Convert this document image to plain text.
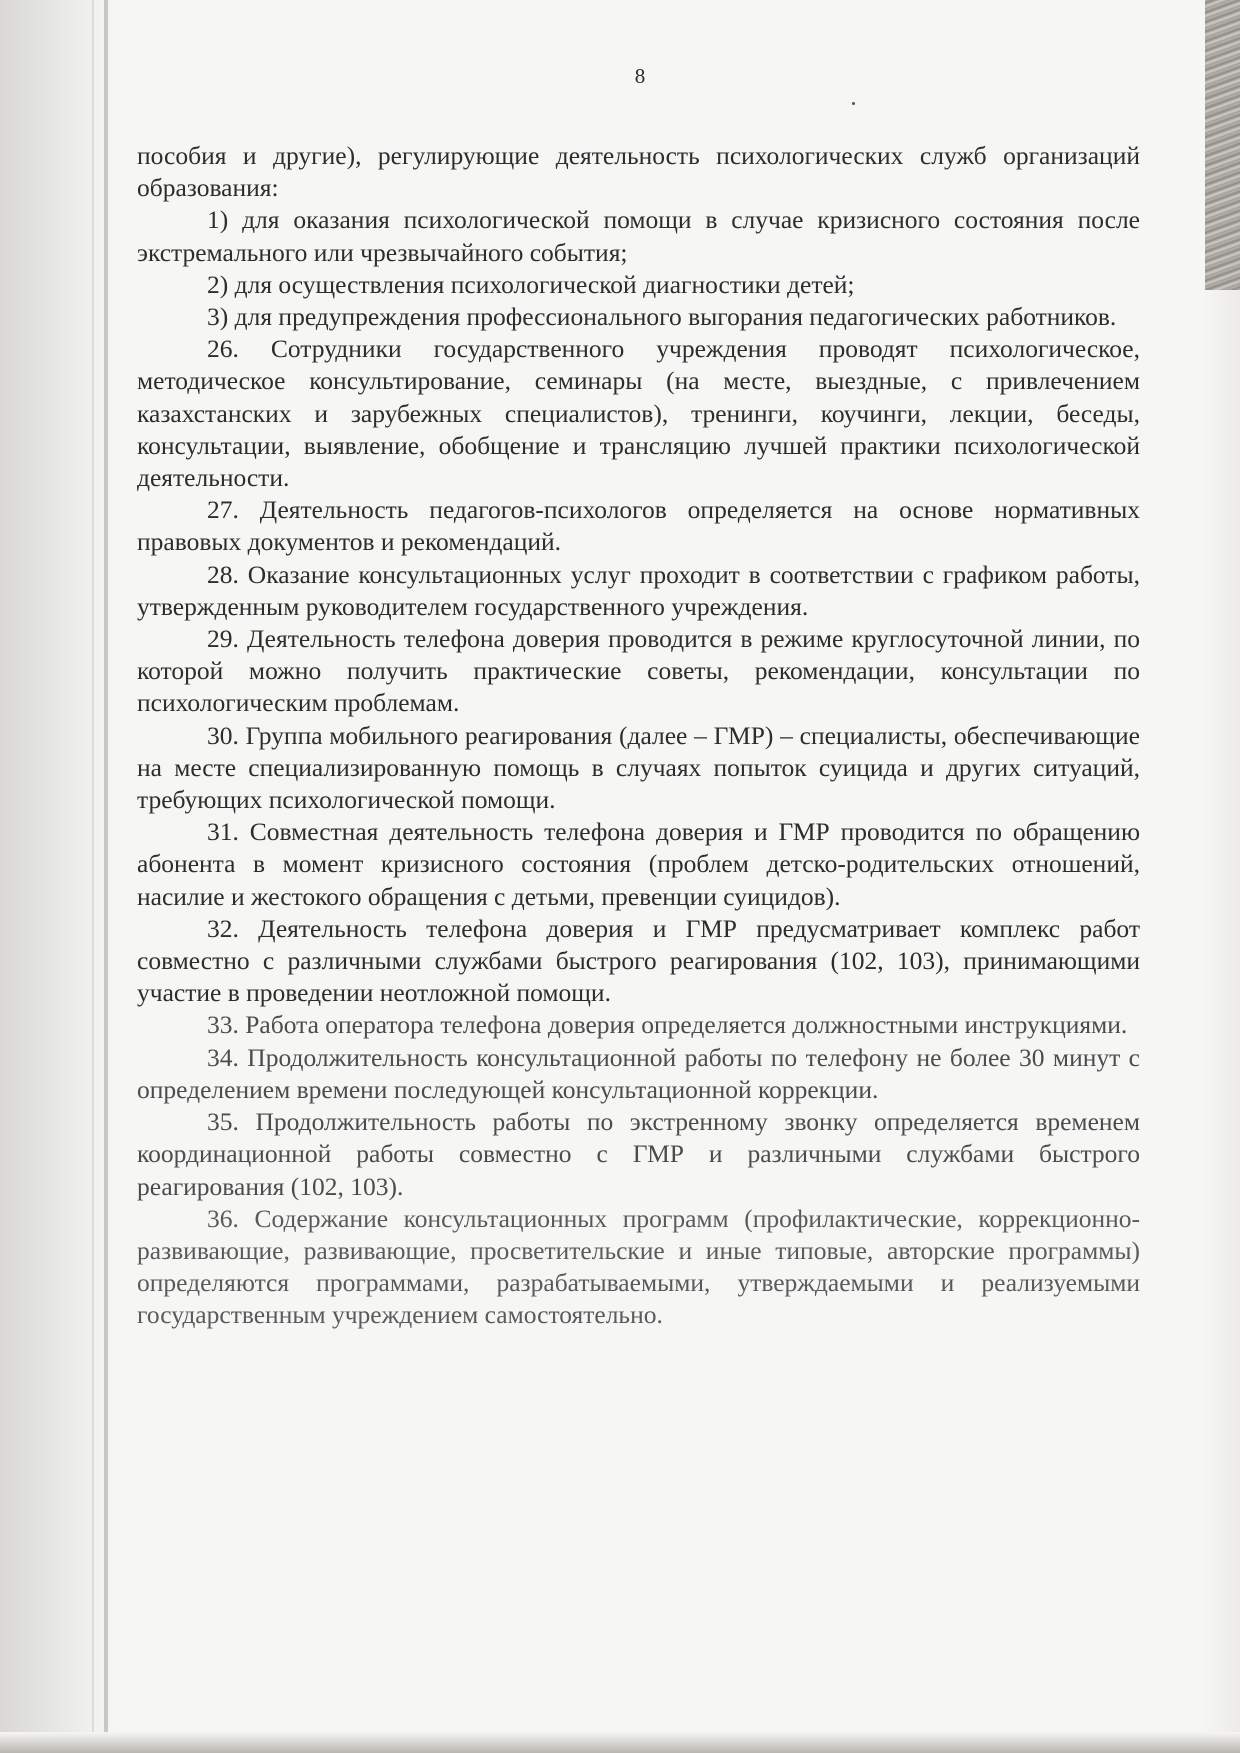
8

пособия и другие), регулирующие деятельность психологических служб организаций образования:

1) для оказания психологической помощи в случае кризисного состояния после экстремального или чрезвычайного события;

2) для осуществления психологической диагностики детей;

3) для предупреждения профессионального выгорания педагогических работников.

26. Сотрудники государственного учреждения проводят психологическое, методическое консультирование, семинары (на месте, выездные, с привлечением казахстанских и зарубежных специалистов), тренинги, коучинги, лекции, беседы, консультации, выявление, обобщение и трансляцию лучшей практики психологической деятельности.

27. Деятельность педагогов-психологов определяется на основе нормативных правовых документов и рекомендаций.

28. Оказание консультационных услуг проходит в соответствии с графиком работы, утвержденным руководителем государственного учреждения.

29. Деятельность телефона доверия проводится в режиме круглосуточной линии, по которой можно получить практические советы, рекомендации, консультации по психологическим проблемам.

30. Группа мобильного реагирования (далее – ГМР) – специалисты, обеспечивающие на месте специализированную помощь в случаях попыток суицида и других ситуаций, требующих психологической помощи.

31. Совместная деятельность телефона доверия и ГМР проводится по обращению абонента в момент кризисного состояния (проблем детско-родительских отношений, насилие и жестокого обращения с детьми, превенции суицидов).

32. Деятельность телефона доверия и ГМР предусматривает комплекс работ совместно с различными службами быстрого реагирования (102, 103), принимающими участие в проведении неотложной помощи.

33. Работа оператора телефона доверия определяется должностными инструкциями.

34. Продолжительность консультационной работы по телефону не более 30 минут с определением времени последующей консультационной коррекции.

35. Продолжительность работы по экстренному звонку определяется временем координационной работы совместно с ГМР и различными службами быстрого реагирования (102, 103).

36. Содержание консультационных программ (профилактические, коррекционно-развивающие, развивающие, просветительские и иные типовые, авторские программы) определяются программами, разрабатываемыми, утверждаемыми и реализуемыми государственным учреждением самостоятельно.
